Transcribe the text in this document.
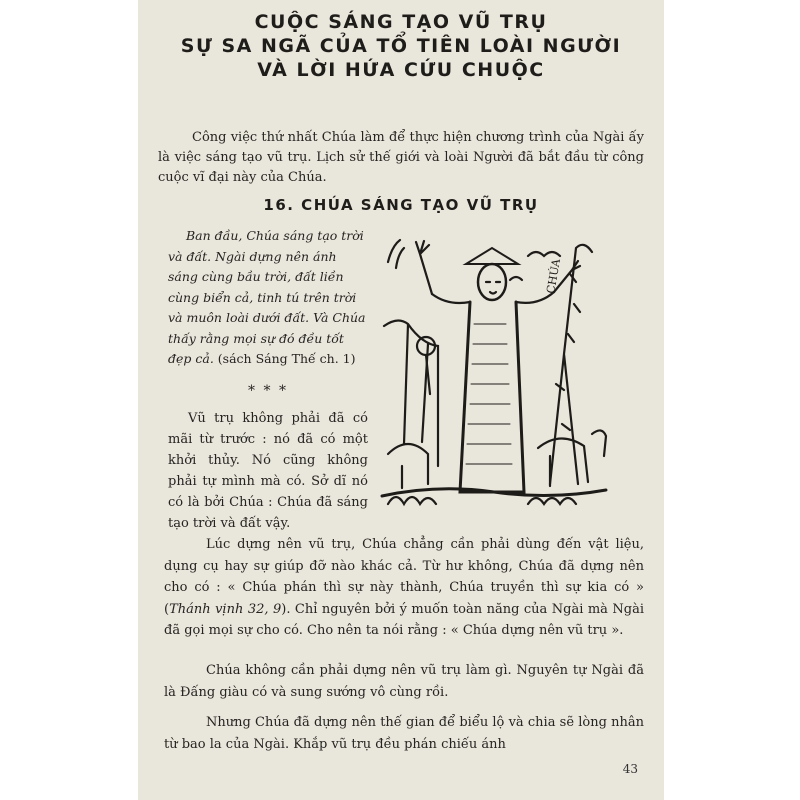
CUỘC SÁNG TẠO VŨ TRỤ
SỰ SA NGÃ CỦA TỔ TIÊN LOÀI NGƯỜI
VÀ LỜI HỨA CỨU CHUỘC

Công việc thứ nhất Chúa làm để thực hiện chương trình của Ngài ấy là việc sáng tạo vũ trụ. Lịch sử thế giới và loài Người đã bắt đầu từ công cuộc vĩ đại này của Chúa.

16. CHÚA SÁNG TẠO VŨ TRỤ

Ban đầu, Chúa sáng tạo trời và đất. Ngài dựng nên ánh sáng cùng bầu trời, đất liền cùng biển cả, tinh tú trên trời và muôn loài dưới đất. Và Chúa thấy rằng mọi sự đó đều tốt đẹp cả. (sách Sáng Thế ch. 1)

* * *

Vũ trụ không phải đã có mãi từ trước : nó đã có một khởi thủy. Nó cũng không phải tự mình mà có. Sở dĩ nó có là bởi Chúa : Chúa đã sáng tạo trời và đất vậy.

CHÚA

Lúc dựng nên vũ trụ, Chúa chẳng cần phải dùng đến vật liệu, dụng cụ hay sự giúp đỡ nào khác cả. Từ hư không, Chúa đã dựng nên cho có : « Chúa phán thì sự này thành, Chúa truyền thì sự kia có » (Thánh vịnh 32, 9). Chỉ nguyên bởi ý muốn toàn năng của Ngài mà Ngài đã gọi mọi sự cho có. Cho nên ta nói rằng : « Chúa dựng nên vũ trụ ».

Chúa không cần phải dựng nên vũ trụ làm gì. Nguyên tự Ngài đã là Đấng giàu có và sung sướng vô cùng rồi.

Nhưng Chúa đã dựng nên thế gian để biểu lộ và chia sẽ lòng nhân từ bao la của Ngài. Khắp vũ trụ đều phán chiếu ánh

43
